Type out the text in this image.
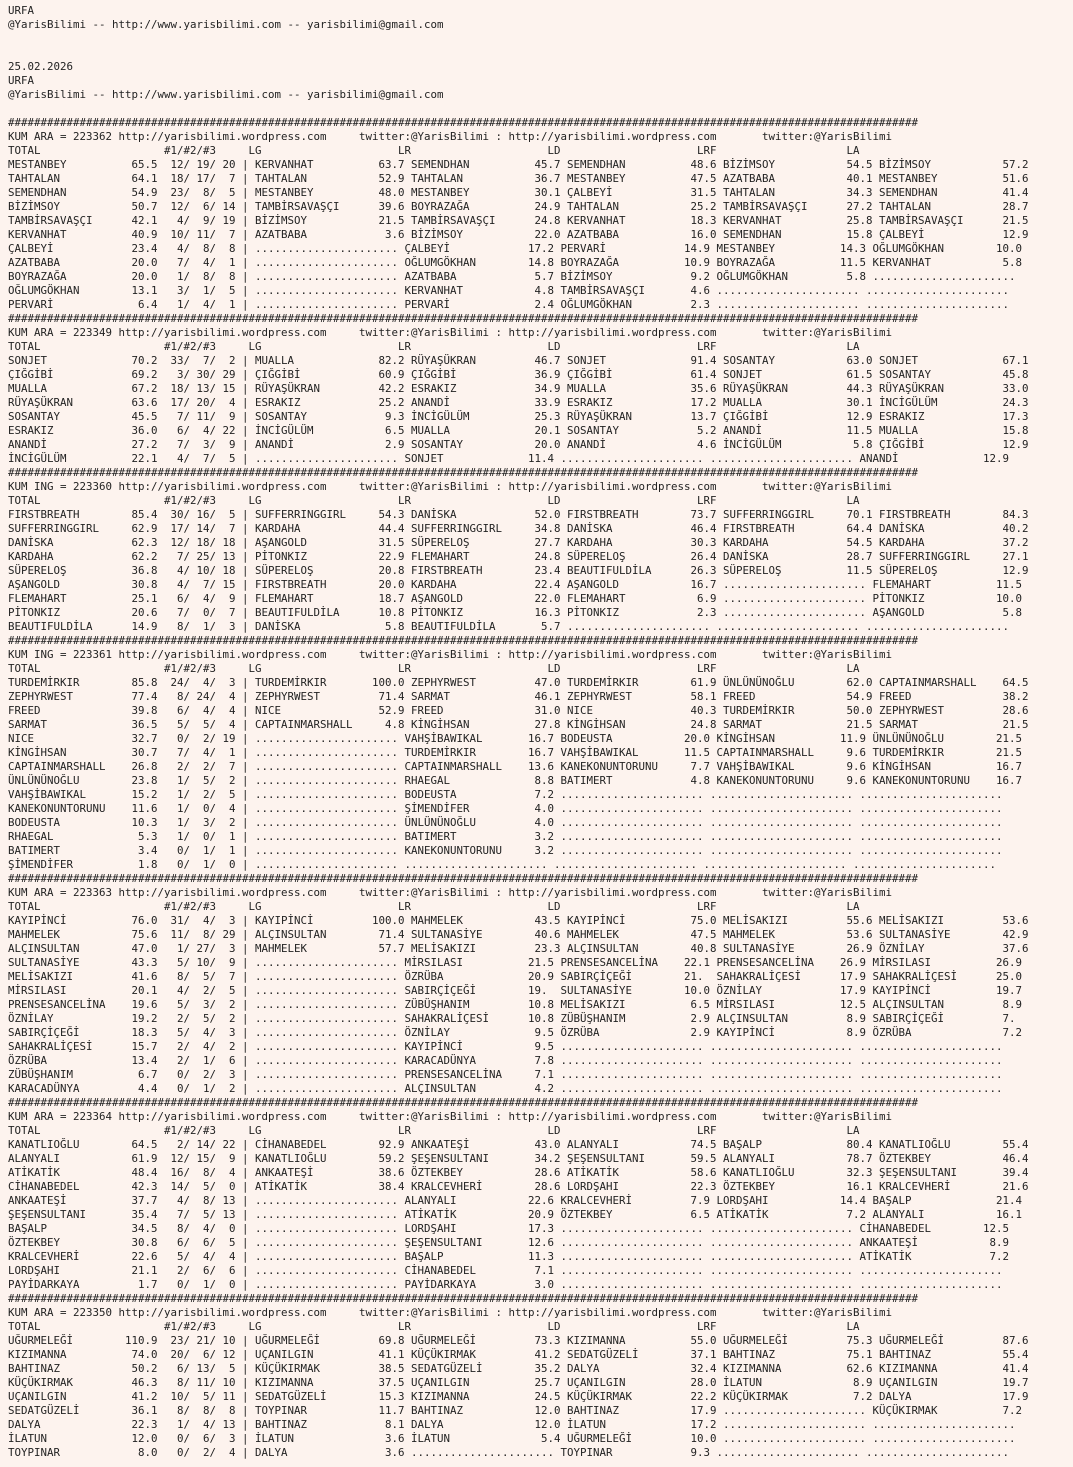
URFA
@YarisBilimi -- http://www.yarisbilimi.com -- yarisbilimi@gmail.com
25.02.2026
URFA
@YarisBilimi -- http://www.yarisbilimi.com -- yarisbilimi@gmail.com
############################################################################################################################################
KUM ARA = 223362 http://yarisbilimi.wordpress.com     twitter:@YarisBilimi : http://yarisbilimi.wordpress.com       twitter:@YarisBilimi
TOTAL                   #1/#2/#3     LG                     LR                     LD                     LRF                    LA
MESTANBEY          65.5  12/ 19/ 20 | KERVANHAT          63.7 SEMENDHAN          45.7 SEMENDHAN          48.6 BİZİMSOY           54.5 BİZİMSOY           57.2
TAHTALAN           64.1  18/ 17/  7 | TAHTALAN           52.9 TAHTALAN           36.7 MESTANBEY          47.5 AZATBABA           40.1 MESTANBEY          51.6
SEMENDHAN          54.9  23/  8/  5 | MESTANBEY          48.0 MESTANBEY          30.1 ÇALBEYİ            31.5 TAHTALAN           34.3 SEMENDHAN          41.4
BİZİMSOY           50.7  12/  6/ 14 | TAMBİRSAVAŞÇI      39.6 BOYRAZAĞA          24.9 TAHTALAN           25.2 TAMBİRSAVAŞÇI      27.2 TAHTALAN           28.7
TAMBİRSAVAŞÇI      42.1   4/  9/ 19 | BİZİMSOY           21.5 TAMBİRSAVAŞÇI      24.8 KERVANHAT          18.3 KERVANHAT          25.8 TAMBİRSAVAŞÇI      21.5
KERVANHAT          40.9  10/ 11/  7 | AZATBABA            3.6 BİZİMSOY           22.0 AZATBABA           16.0 SEMENDHAN          15.8 ÇALBEYİ            12.9
ÇALBEYİ            23.4   4/  8/  8 | ...................... ÇALBEYİ            17.2 PERVARİ            14.9 MESTANBEY          14.3 OĞLUMGÖKHAN        10.0
AZATBABA           20.0   7/  4/  1 | ...................... OĞLUMGÖKHAN        14.8 BOYRAZAĞA          10.9 BOYRAZAĞA          11.5 KERVANHAT           5.8
BOYRAZAĞA          20.0   1/  8/  8 | ...................... AZATBABA            5.7 BİZİMSOY            9.2 OĞLUMGÖKHAN         5.8 ......................
OĞLUMGÖKHAN        13.1   3/  1/  5 | ...................... KERVANHAT           4.8 TAMBİRSAVAŞÇI       4.6 ...................... ......................
PERVARİ             6.4   1/  4/  1 | ...................... PERVARİ             2.4 OĞLUMGÖKHAN         2.3 ...................... ......................
############################################################################################################################################
KUM ARA = 223349 http://yarisbilimi.wordpress.com     twitter:@YarisBilimi : http://yarisbilimi.wordpress.com       twitter:@YarisBilimi
TOTAL                   #1/#2/#3     LG                     LR                     LD                     LRF                    LA
SONJET             70.2  33/  7/  2 | MUALLA             82.2 RÜYAŞÜKRAN         46.7 SONJET             91.4 SOSANTAY           63.0 SONJET             67.1
ÇIĞGİBİ            69.2   3/ 30/ 29 | ÇIĞGİBİ            60.9 ÇIĞGİBİ            36.9 ÇIĞGİBİ            61.4 SONJET             61.5 SOSANTAY           45.8
MUALLA             67.2  18/ 13/ 15 | RÜYAŞÜKRAN         42.2 ESRAKIZ            34.9 MUALLA             35.6 RÜYAŞÜKRAN         44.3 RÜYAŞÜKRAN         33.0
RÜYAŞÜKRAN         63.6  17/ 20/  4 | ESRAKIZ            25.2 ANANDİ             33.9 ESRAKIZ            17.2 MUALLA             30.1 İNCİGÜLÜM          24.3
SOSANTAY           45.5   7/ 11/  9 | SOSANTAY            9.3 İNCİGÜLÜM          25.3 RÜYAŞÜKRAN         13.7 ÇIĞGİBİ            12.9 ESRAKIZ            17.3
ESRAKIZ            36.0   6/  4/ 22 | İNCİGÜLÜM           6.5 MUALLA             20.1 SOSANTAY            5.2 ANANDİ             11.5 MUALLA             15.8
ANANDİ             27.2   7/  3/  9 | ANANDİ              2.9 SOSANTAY           20.0 ANANDİ              4.6 İNCİGÜLÜM           5.8 ÇIĞGİBİ            12.9
İNCİGÜLÜM          22.1   4/  7/  5 | ...................... SONJET             11.4 ...................... ...................... ANANDİ             12.9
############################################################################################################################################
KUM ING = 223360 http://yarisbilimi.wordpress.com     twitter:@YarisBilimi : http://yarisbilimi.wordpress.com       twitter:@YarisBilimi
TOTAL                   #1/#2/#3     LG                     LR                     LD                     LRF                    LA
FIRSTBREATH        85.4  30/ 16/  5 | SUFFERRINGGIRL     54.3 DANİSKA            52.0 FIRSTBREATH        73.7 SUFFERRINGGIRL     70.1 FIRSTBREATH        84.3
SUFFERRINGGIRL     62.9  17/ 14/  7 | KARDAHA            44.4 SUFFERRINGGIRL     34.8 DANİSKA            46.4 FIRSTBREATH        64.4 DANİSKA            40.2
DANİSKA            62.3  12/ 18/ 18 | AŞANGOLD           31.5 SÜPERELOŞ          27.7 KARDAHA            30.3 KARDAHA            54.5 KARDAHA            37.2
KARDAHA            62.2   7/ 25/ 13 | PİTONKIZ           22.9 FLEMAHART          24.8 SÜPERELOŞ          26.4 DANİSKA            28.7 SUFFERRINGGIRL     27.1
SÜPERELOŞ          36.8   4/ 10/ 18 | SÜPERELOŞ          20.8 FIRSTBREATH        23.4 BEAUTIFULDİLA      26.3 SÜPERELOŞ          11.5 SÜPERELOŞ          12.9
AŞANGOLD           30.8   4/  7/ 15 | FIRSTBREATH        20.0 KARDAHA            22.4 AŞANGOLD           16.7 ...................... FLEMAHART          11.5
FLEMAHART          25.1   6/  4/  9 | FLEMAHART          18.7 AŞANGOLD           22.0 FLEMAHART           6.9 ...................... PİTONKIZ           10.0
PİTONKIZ           20.6   7/  0/  7 | BEAUTIFULDİLA      10.8 PİTONKIZ           16.3 PİTONKIZ            2.3 ...................... AŞANGOLD            5.8
BEAUTIFULDİLA      14.9   8/  1/  3 | DANİSKA             5.8 BEAUTIFULDİLA       5.7 ...................... ...................... ......................
############################################################################################################################################
KUM ING = 223361 http://yarisbilimi.wordpress.com     twitter:@YarisBilimi : http://yarisbilimi.wordpress.com       twitter:@YarisBilimi
TOTAL                   #1/#2/#3     LG                     LR                     LD                     LRF                    LA
TURDEMİRKIR        85.8  24/  4/  3 | TURDEMİRKIR       100.0 ZEPHYRWEST         47.0 TURDEMİRKIR        61.9 ÜNLÜNÜNOĞLU        62.0 CAPTAINMARSHALL    64.5
ZEPHYRWEST         77.4   8/ 24/  4 | ZEPHYRWEST         71.4 SARMAT             46.1 ZEPHYRWEST         58.1 FREED              54.9 FREED              38.2
FREED              39.8   6/  4/  4 | NICE               52.9 FREED              31.0 NICE               40.3 TURDEMİRKIR        50.0 ZEPHYRWEST         28.6
SARMAT             36.5   5/  5/  4 | CAPTAINMARSHALL     4.8 KİNGİHSAN          27.8 KİNGİHSAN          24.8 SARMAT             21.5 SARMAT             21.5
NICE               32.7   0/  2/ 19 | ...................... VAHŞİBAWIKAL       16.7 BODEUSTA           20.0 KİNGİHSAN          11.9 ÜNLÜNÜNOĞLU        21.5
KİNGİHSAN          30.7   7/  4/  1 | ...................... TURDEMİRKIR        16.7 VAHŞİBAWIKAL       11.5 CAPTAINMARSHALL     9.6 TURDEMİRKIR        21.5
CAPTAINMARSHALL    26.8   2/  2/  7 | ...................... CAPTAINMARSHALL    13.6 KANEKONUNTORUNU     7.7 VAHŞİBAWIKAL        9.6 KİNGİHSAN          16.7
ÜNLÜNÜNOĞLU        23.8   1/  5/  2 | ...................... RHAEGAL             8.8 BATIMERT            4.8 KANEKONUNTORUNU     9.6 KANEKONUNTORUNU    16.7
VAHŞİBAWIKAL       15.2   1/  2/  5 | ...................... BODEUSTA            7.2 ...................... ...................... ......................
KANEKONUNTORUNU    11.6   1/  0/  4 | ...................... ŞİMENDİFER          4.0 ...................... ...................... ......................
BODEUSTA           10.3   1/  3/  2 | ...................... ÜNLÜNÜNOĞLU         4.0 ...................... ...................... ......................
RHAEGAL             5.3   1/  0/  1 | ...................... BATIMERT            3.2 ...................... ...................... ......................
BATIMERT            3.4   0/  1/  1 | ...................... KANEKONUNTORUNU     3.2 ...................... ...................... ......................
ŞİMENDİFER          1.8   0/  1/  0 | ...................... ...................... ...................... ...................... ......................
############################################################################################################################################
KUM ARA = 223363 http://yarisbilimi.wordpress.com     twitter:@YarisBilimi : http://yarisbilimi.wordpress.com       twitter:@YarisBilimi
TOTAL                   #1/#2/#3     LG                     LR                     LD                     LRF                    LA
KAYIPİNCİ          76.0  31/  4/  3 | KAYIPİNCİ         100.0 MAHMELEK           43.5 KAYIPİNCİ          75.0 MELİSAKIZI         55.6 MELİSAKIZI         53.6
MAHMELEK           75.6  11/  8/ 29 | ALÇINSULTAN        71.4 SULTANASİYE        40.6 MAHMELEK           47.5 MAHMELEK           53.6 SULTANASİYE        42.9
ALÇINSULTAN        47.0   1/ 27/  3 | MAHMELEK           57.7 MELİSAKIZI         23.3 ALÇINSULTAN        40.8 SULTANASİYE        26.9 ÖZNİLAY            37.6
SULTANASİYE        43.3   5/ 10/  9 | ...................... MİRSILASI          21.5 PRENSESANCELİNA    22.1 PRENSESANCELİNA    26.9 MİRSILASI          26.9
MELİSAKIZI         41.6   8/  5/  7 | ...................... ÖZRÜBA             20.9 SABIRÇİÇEĞİ        21.  SAHAKRALİÇESİ      17.9 SAHAKRALİÇESİ      25.0
MİRSILASI          20.1   4/  2/  5 | ...................... SABIRÇİÇEĞİ        19.  SULTANASİYE        10.0 ÖZNİLAY            17.9 KAYIPİNCİ          19.7
PRENSESANCELİNA    19.6   5/  3/  2 | ...................... ZÜBÜŞHANIM         10.8 MELİSAKIZI          6.5 MİRSILASI          12.5 ALÇINSULTAN         8.9
ÖZNİLAY            19.2   2/  5/  2 | ...................... SAHAKRALİÇESİ      10.8 ZÜBÜŞHANIM          2.9 ALÇINSULTAN         8.9 SABIRÇİÇEĞİ         7.
SABIRÇİÇEĞİ        18.3   5/  4/  3 | ...................... ÖZNİLAY             9.5 ÖZRÜBA              2.9 KAYIPİNCİ           8.9 ÖZRÜBA              7.2
SAHAKRALİÇESİ      15.7   2/  4/  2 | ...................... KAYIPİNCİ           9.5 ...................... ...................... ......................
ÖZRÜBA             13.4   2/  1/  6 | ...................... KARACADÜNYA         7.8 ...................... ...................... ......................
ZÜBÜŞHANIM          6.7   0/  2/  3 | ...................... PRENSESANCELİNA     7.1 ...................... ...................... ......................
KARACADÜNYA         4.4   0/  1/  2 | ...................... ALÇINSULTAN         4.2 ...................... ...................... ......................
############################################################################################################################################
KUM ARA = 223364 http://yarisbilimi.wordpress.com     twitter:@YarisBilimi : http://yarisbilimi.wordpress.com       twitter:@YarisBilimi
TOTAL                   #1/#2/#3     LG                     LR                     LD                     LRF                    LA
KANATLIOĞLU        64.5   2/ 14/ 22 | CİHANABEDEL        92.9 ANKAATEŞİ          43.0 ALANYALI           74.5 BAŞALP             80.4 KANATLIOĞLU        55.4
ALANYALI           61.9  12/ 15/  9 | KANATLIOĞLU        59.2 ŞEŞENSULTANI       34.2 ŞEŞENSULTANI       59.5 ALANYALI           78.7 ÖZTEKBEY           46.4
ATİKATİK           48.4  16/  8/  4 | ANKAATEŞİ          38.6 ÖZTEKBEY           28.6 ATİKATİK           58.6 KANATLIOĞLU        32.3 ŞEŞENSULTANI       39.4
CİHANABEDEL        42.3  14/  5/  0 | ATİKATİK           38.4 KRALCEVHERİ        28.6 LORDŞAHI           22.3 ÖZTEKBEY           16.1 KRALCEVHERİ        21.6
ANKAATEŞİ          37.7   4/  8/ 13 | ...................... ALANYALI           22.6 KRALCEVHERİ         7.9 LORDŞAHI           14.4 BAŞALP             21.4
ŞEŞENSULTANI       35.4   7/  5/ 13 | ...................... ATİKATİK           20.9 ÖZTEKBEY            6.5 ATİKATİK            7.2 ALANYALI           16.1
BAŞALP             34.5   8/  4/  0 | ...................... LORDŞAHI           17.3 ...................... ...................... CİHANABEDEL        12.5
ÖZTEKBEY           30.8   6/  6/  5 | ...................... ŞEŞENSULTANI       12.6 ...................... ...................... ANKAATEŞİ           8.9
KRALCEVHERİ        22.6   5/  4/  4 | ...................... BAŞALP             11.3 ...................... ...................... ATİKATİK            7.2
LORDŞAHI           21.1   2/  6/  6 | ...................... CİHANABEDEL         7.1 ...................... ...................... ......................
PAYİDARKAYA         1.7   0/  1/  0 | ...................... PAYİDARKAYA         3.0 ...................... ...................... ......................
############################################################################################################################################
KUM ARA = 223350 http://yarisbilimi.wordpress.com     twitter:@YarisBilimi : http://yarisbilimi.wordpress.com       twitter:@YarisBilimi
TOTAL                   #1/#2/#3     LG                     LR                     LD                     LRF                    LA
UĞURMELEĞİ        110.9  23/ 21/ 10 | UĞURMELEĞİ         69.8 UĞURMELEĞİ         73.3 KIZIMANNA          55.0 UĞURMELEĞİ         75.3 UĞURMELEĞİ         87.6
KIZIMANNA          74.0  20/  6/ 12 | UÇANILGIN          41.1 KÜÇÜKIRMAK         41.2 SEDATGÜZELİ        37.1 BAHTINAZ           75.1 BAHTINAZ           55.4
BAHTINAZ           50.2   6/ 13/  5 | KÜÇÜKIRMAK         38.5 SEDATGÜZELİ        35.2 DALYA              32.4 KIZIMANNA          62.6 KIZIMANNA          41.4
KÜÇÜKIRMAK         46.3   8/ 11/ 10 | KIZIMANNA          37.5 UÇANILGIN          25.7 UÇANILGIN          28.0 İLATUN              8.9 UÇANILGIN          19.7
UÇANILGIN          41.2  10/  5/ 11 | SEDATGÜZELİ        15.3 KIZIMANNA          24.5 KÜÇÜKIRMAK         22.2 KÜÇÜKIRMAK          7.2 DALYA              17.9
SEDATGÜZELİ        36.1   8/  8/  8 | TOYPINAR           11.7 BAHTINAZ           12.0 BAHTINAZ           17.9 ...................... KÜÇÜKIRMAK          7.2
DALYA              22.3   1/  4/ 13 | BAHTINAZ            8.1 DALYA              12.0 İLATUN             17.2 ...................... ......................
İLATUN             12.0   0/  6/  3 | İLATUN              3.6 İLATUN              5.4 UĞURMELEĞİ         10.0 ...................... ......................
TOYPINAR            8.0   0/  2/  4 | DALYA               3.6 ...................... TOYPINAR            9.3 ...................... ......................
